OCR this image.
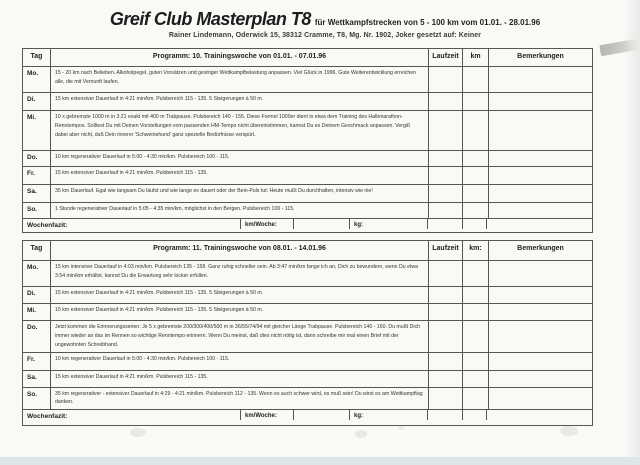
Greif Club Masterplan T8 für Wettkampfstrecken von 5 - 100 km vom 01.01. - 28.01.96
Rainer Lindemann, Oderwick 15, 38312 Cramme, T8, Mg. Nr. 1902, Joker gesetzt auf: Keiner
Tag	Programm: 10. Trainingswoche von 01.01. - 07.01.96	Laufzeit	km	Bemerkungen
Mo.	15 - 20 km nach Belieben. Alkoholpegel, guten Vorsätzen und gestriger Wettkampfbelastung anpassen. Viel Glück in 1996. Gute Weiterentwicklung erreichen alle, die mit Vernunft laufen.			
Di.	15 km extensiver Dauerlauf in 4:21 min/km. Pulsbereich 115 - 135. 5 Steigerungen à 50 m.			
Mi.	10 x gebremste 1000 m in 3:21 exakt mit 400 m Trabpause. Pulsbereich 140 - 155. Diese Formel 1000er dient in etwa dem Training des Halbmarathon-Renntempos. Solltest Du mit Deinen Vorstellungen vom passenden HM-Tempo nicht übereinstimmen, kannst Du es Deinem Geschmack anpassen. Vergiß dabei aber nicht, daß Dein innerer 'Schweinehund' ganz spezielle Bedürfnisse verspürt.			
Do.	10 km regenerativer Dauerlauf in 5:00 - 4:30 min/km. Pulsbereich 100 - 115.			
Fr.	15 km extensiver Dauerlauf in 4:21 min/km. Pulsbereich 115 - 135.			
Sa.	35 km Dauerlauf. Egal wie langsam Du läufst und wie lange es dauert oder der Bein-Puls tut: Heute mußt Du durchhalten, intensiv wie nie!			
So.	1 Stunde regenerativer Dauerlauf in 5:05 - 4:35 min/km, möglichst in den Bergen. Pulsbereich 100 - 115.			

Wochenfazit: km/Woche: kg:				
Tag	Programm: 11. Trainingswoche von 08.01. - 14.01.96	Laufzeit	km:	Bemerkungen
Mo.	15 km intensiver Dauerlauf in 4:03 min/km. Pulsbereich 135 - 158. Ganz ruhig schneller sein. Ab 3:47 min/km fange ich an, Dich zu bewundern, wenn Du etwa 3:54 min/km erhältst, kannst Du die Erwartung sehr locker erfüllen.			
Di.	15 km extensiver Dauerlauf in 4:21 min/km. Pulsbereich 115 - 135. 5 Steigerungen à 50 m.			
Mi.	15 km extensiver Dauerlauf in 4:21 min/km. Pulsbereich 115 - 135. 5 Steigerungen à 50 m.			
Do.	Jetzt kommen die Erinnerungsserien: Je 5 x gebremste 200/300/400/500 m in 36/55/74/94 mit gleicher Länge Trabpause. Pulsbereich 140 - 160. Du mußt Dich immer wieder an das im Rennen so wichtige Renntempo erinnern. Wenn Du meinst, daß dies nicht nötig ist, dann schreibe mir mal einen Brief mit der ungewohnten Schreibhand.			
Fr.	10 km regenerativer Dauerlauf in 5:00 - 4:30 min/km. Pulsbereich 100 - 115.			
Sa.	15 km extensiver Dauerlauf in 4:21 min/km. Pulsbereich 115 - 135.			
So.	35 km regenerativer - extensiver Dauerlauf in 4:29 - 4:21 min/km. Pulsbereich 112 - 135. Wenn es auch schwer wird, es muß sein! Du wirst es am Wettkampftag danken.			

Wochenfazit: km/Woche: kg:				
